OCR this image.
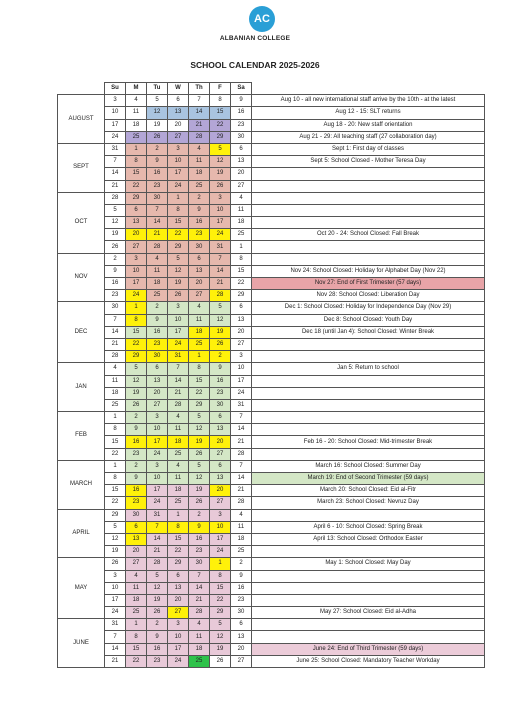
AC
ALBANIAN COLLEGE
SCHOOL CALENDAR 2025-2026
	Su	M	Tu	W	Th	F	Sa	
AUGUST	3	4	5	6	7	8	9	Aug 10 - all new international staff arrive by the 10th - at the latest
	10	11	12	13	14	15	16	Aug 12 - 15: SLT returns
	17	18	19	20	21	22	23	Aug 18 - 20: New staff orientation
	24	25	26	27	28	29	30	Aug 21 - 29: All teaching staff (27 collaboration day)
SEPT	31	1	2	3	4	5	6	Sept 1: First day of classes
	7	8	9	10	11	12	13	Sept 5: School Closed - Mother Teresa Day
	14	15	16	17	18	19	20	
	21	22	23	24	25	26	27	
OCT	28	29	30	1	2	3	4	
	5	6	7	8	9	10	11	
	12	13	14	15	16	17	18	
	19	20	21	22	23	24	25	Oct 20 - 24: School Closed: Fall Break
	26	27	28	29	30	31	1	
NOV	2	3	4	5	6	7	8	
	9	10	11	12	13	14	15	Nov 24: School Closed: Holiday for Alphabet Day (Nov 22)
	16	17	18	19	20	21	22	Nov 27: End of First Trimester (57 days)
	23	24	25	26	27	28	29	Nov 28: School Closed: Liberation Day
DEC	30	1	2	3	4	5	6	Dec 1: School Closed: Holiday for Independence Day (Nov 29)
	7	8	9	10	11	12	13	Dec 8: School Closed: Youth Day
	14	15	16	17	18	19	20	Dec 18 (until Jan 4): School Closed: Winter Break
	21	22	23	24	25	26	27	
	28	29	30	31	1	2	3	
JAN	4	5	6	7	8	9	10	Jan 5: Return to school
	11	12	13	14	15	16	17	
	18	19	20	21	22	23	24	
	25	26	27	28	29	30	31	
FEB	1	2	3	4	5	6	7	
	8	9	10	11	12	13	14	
	15	16	17	18	19	20	21	Feb 16 - 20: School Closed: Mid-trimester Break
	22	23	24	25	26	27	28	
MARCH	1	2	3	4	5	6	7	March 16: School Closed: Summer Day
	8	9	10	11	12	13	14	March 19: End of Second Trimester (59 days)
	15	16	17	18	19	20	21	March 20: School Closed: Eid al-Fitr
	22	23	24	25	26	27	28	March 23: School Closed: Nevruz Day
APRIL	29	30	31	1	2	3	4	
	5	6	7	8	9	10	11	April 6 - 10: School Closed: Spring Break
	12	13	14	15	16	17	18	April 13: School Closed: Orthodox Easter
	19	20	21	22	23	24	25	
MAY	26	27	28	29	30	1	2	May 1: School Closed: May Day
	3	4	5	6	7	8	9	
	10	11	12	13	14	15	16	
	17	18	19	20	21	22	23	
	24	25	26	27	28	29	30	May 27: School Closed: Eid al-Adha
JUNE	31	1	2	3	4	5	6	
	7	8	9	10	11	12	13	
	14	15	16	17	18	19	20	June 24: End of Third Trimester (59 days)
	21	22	23	24	25	26	27	June 25: School Closed: Mandatory Teacher Workday
